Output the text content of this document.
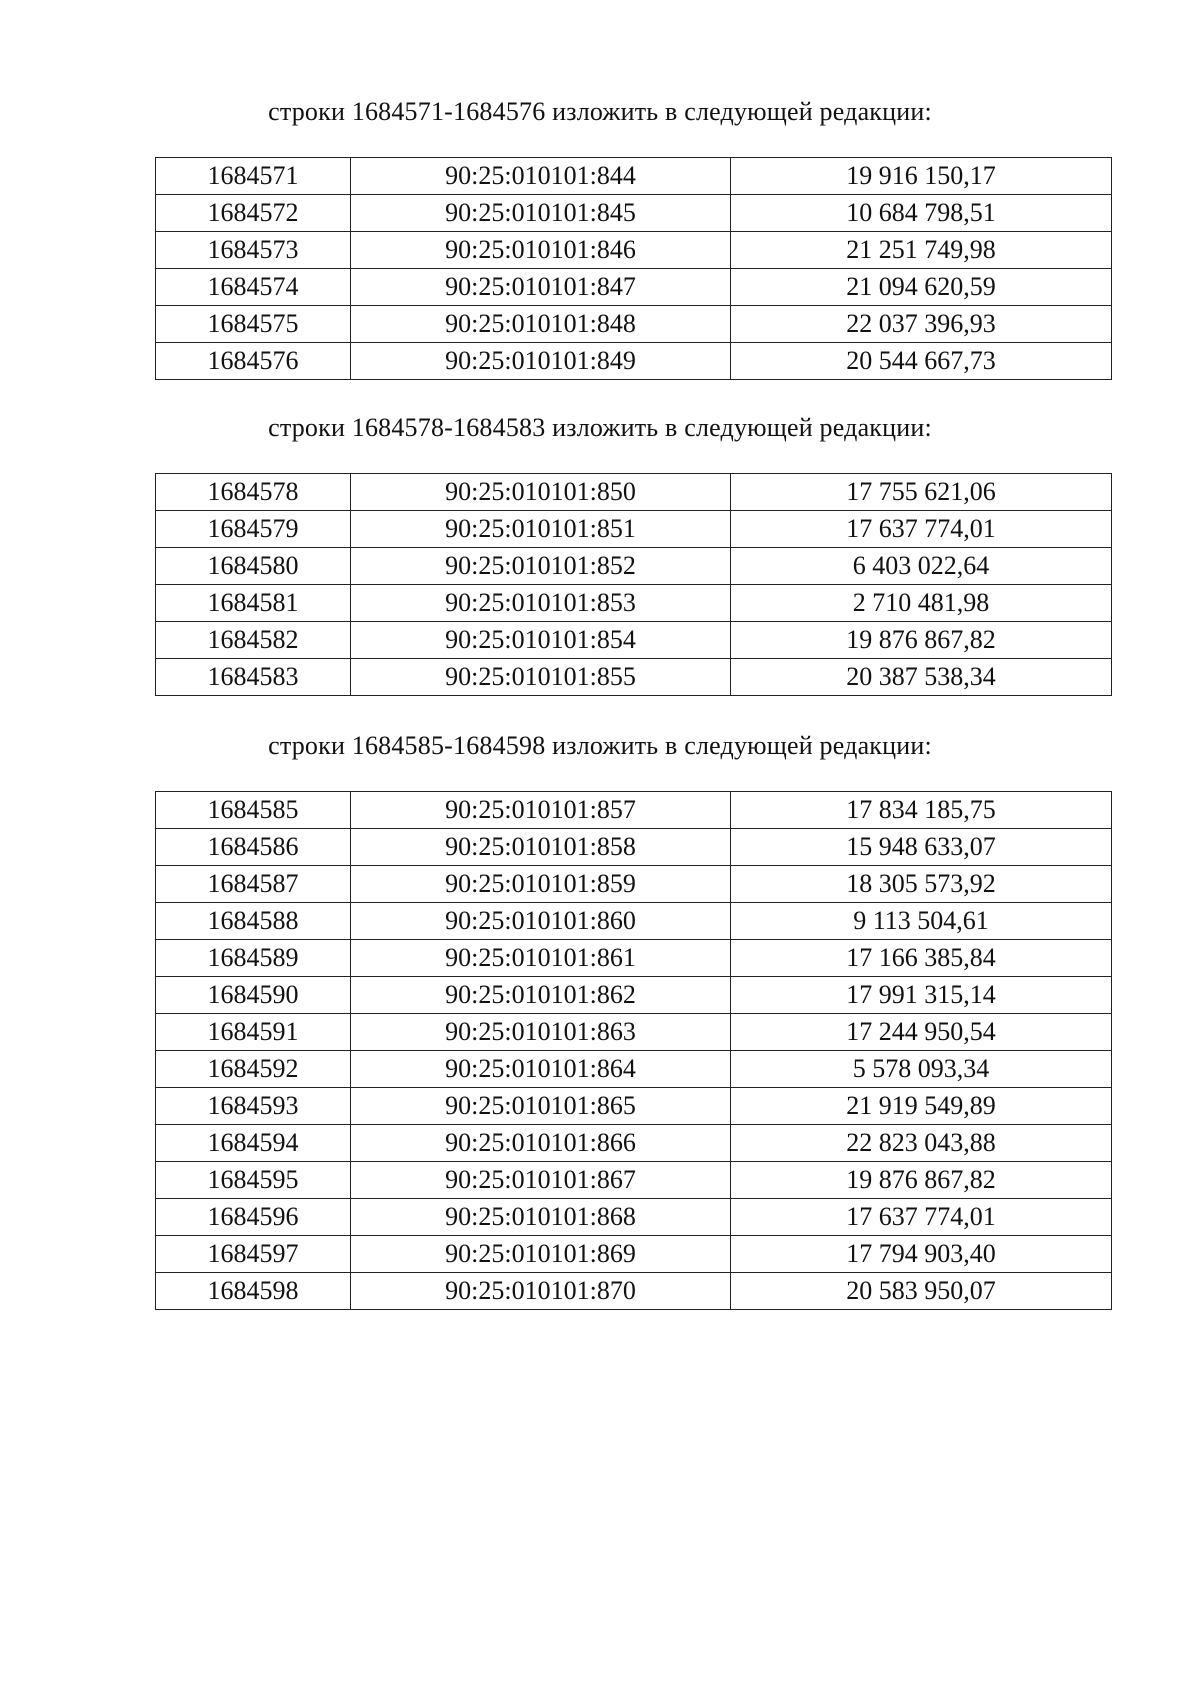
строки 1684571-1684576 изложить в следующей редакции:
1684571	90:25:010101:844	19 916 150,17
1684572	90:25:010101:845	10 684 798,51
1684573	90:25:010101:846	21 251 749,98
1684574	90:25:010101:847	21 094 620,59
1684575	90:25:010101:848	22 037 396,93
1684576	90:25:010101:849	20 544 667,73
строки 1684578-1684583 изложить в следующей редакции:
1684578	90:25:010101:850	17 755 621,06
1684579	90:25:010101:851	17 637 774,01
1684580	90:25:010101:852	6 403 022,64
1684581	90:25:010101:853	2 710 481,98
1684582	90:25:010101:854	19 876 867,82
1684583	90:25:010101:855	20 387 538,34
строки 1684585-1684598 изложить в следующей редакции:
1684585	90:25:010101:857	17 834 185,75
1684586	90:25:010101:858	15 948 633,07
1684587	90:25:010101:859	18 305 573,92
1684588	90:25:010101:860	9 113 504,61
1684589	90:25:010101:861	17 166 385,84
1684590	90:25:010101:862	17 991 315,14
1684591	90:25:010101:863	17 244 950,54
1684592	90:25:010101:864	5 578 093,34
1684593	90:25:010101:865	21 919 549,89
1684594	90:25:010101:866	22 823 043,88
1684595	90:25:010101:867	19 876 867,82
1684596	90:25:010101:868	17 637 774,01
1684597	90:25:010101:869	17 794 903,40
1684598	90:25:010101:870	20 583 950,07
